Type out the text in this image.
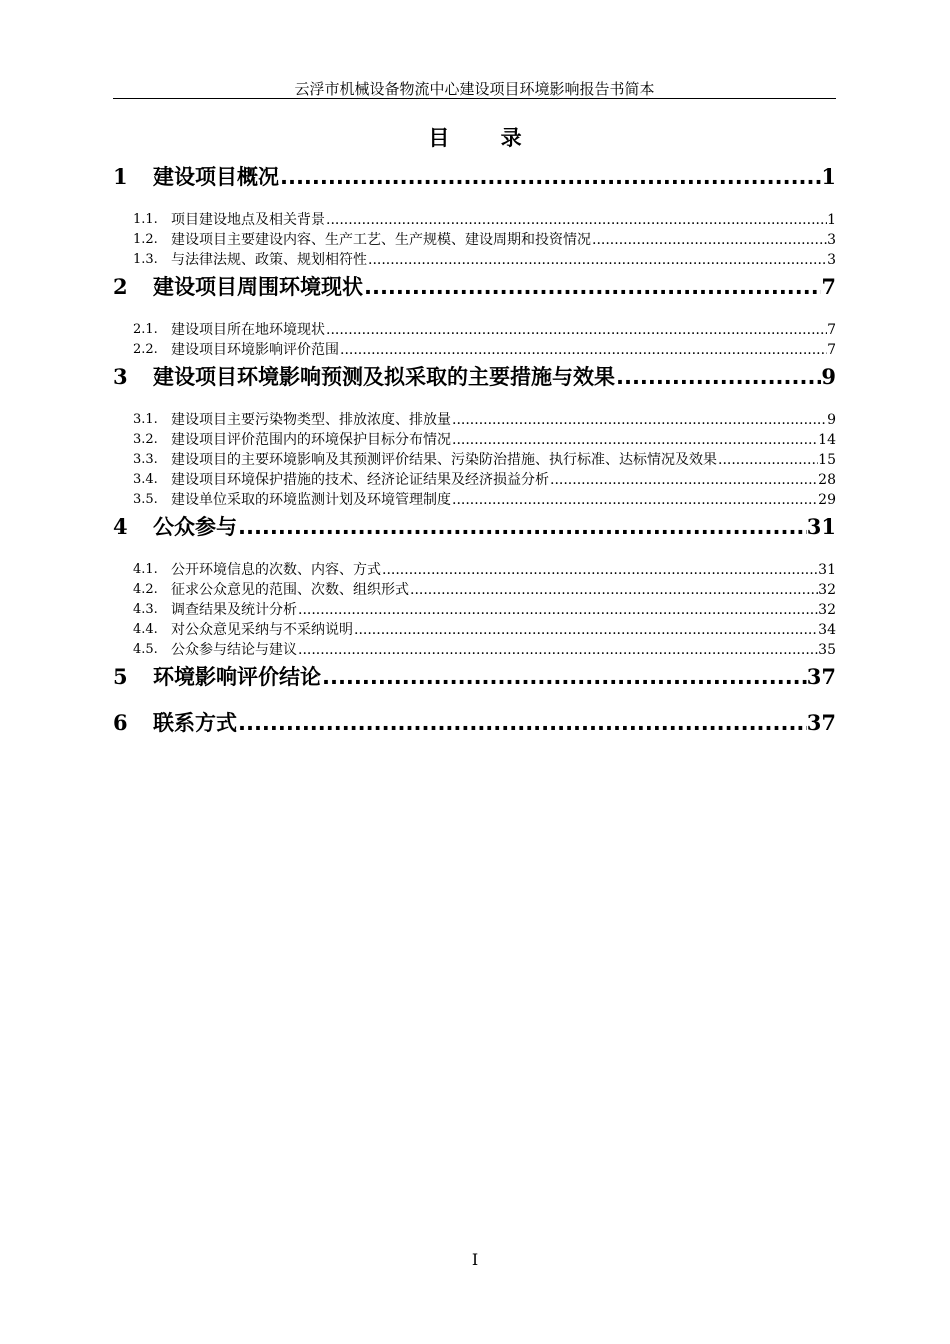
云浮市机械设备物流中心建设项目环境影响报告书简本
目 录
1	建设项目概况 .....	1
1.1. 项目建设地点及相关背景 .....	1
1.2. 建设项目主要建设内容、生产工艺、生产规模、建设周期和投资情况 .....	3
1.3. 与法律法规、政策、规划相符性 .....	3
2	建设项目周围环境现状 .....	7
2.1. 建设项目所在地环境现状 .....	7
2.2. 建设项目环境影响评价范围 .....	7
3	建设项目环境影响预测及拟采取的主要措施与效果 .....	9
3.1. 建设项目主要污染物类型、排放浓度、排放量 .....	9
3.2. 建设项目评价范围内的环境保护目标分布情况 .....	14
3.3. 建设项目的主要环境影响及其预测评价结果、污染防治措施、执行标准、达标情况及效果 .....	15
3.4. 建设项目环境保护措施的技术、经济论证结果及经济损益分析 .....	28
3.5. 建设单位采取的环境监测计划及环境管理制度 .....	29
4	公众参与 .....	31
4.1. 公开环境信息的次数、内容、方式 .....	31
4.2. 征求公众意见的范围、次数、组织形式 .....	32
4.3. 调查结果及统计分析 .....	32
4.4. 对公众意见采纳与不采纳说明 .....	34
4.5. 公众参与结论与建议 .....	35
5	环境影响评价结论 .....	37
6	联系方式 .....	37
I
